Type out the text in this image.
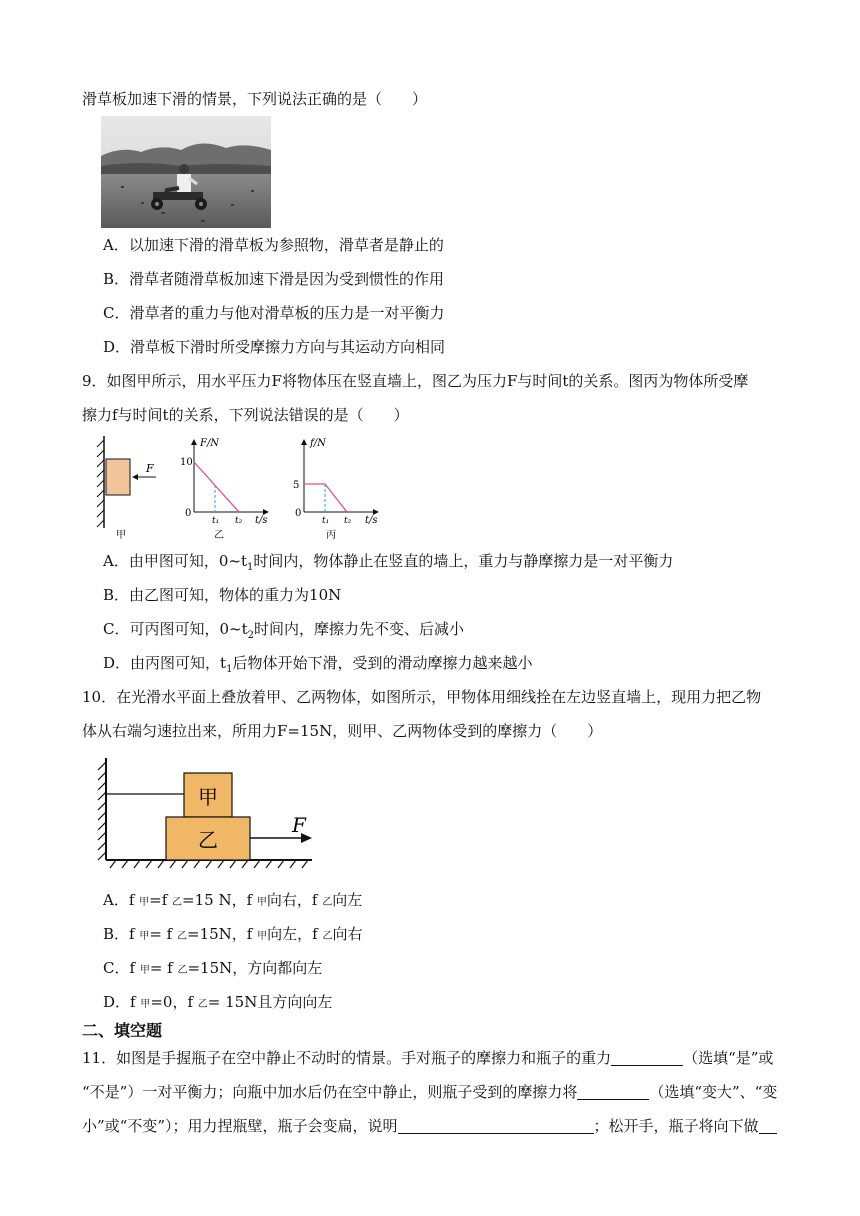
滑草板加速下滑的情景，下列说法正确的是（　　）
A．以加速下滑的滑草板为参照物，滑草者是静止的
B．滑草者随滑草板加速下滑是因为受到惯性的作用
C．滑草者的重力与他对滑草板的压力是一对平衡力
D．滑草板下滑时所受摩擦力方向与其运动方向相同
9．如图甲所示，用水平压力F将物体压在竖直墙上，图乙为压力F与时间t的关系。图丙为物体所受摩
擦力f与时间t的关系，下列说法错误的是（　　）
F
甲
F/N
10
0
t₁ t₂ t/s
乙
f/N
5
0
t₁ t₂ t/s
丙
A．由甲图可知，$0\sim t_1$时间内，物体静止在竖直的墙上，重力与静摩擦力是一对平衡力
B．由乙图可知，物体的重力为10N
C．可丙图可知，$0\sim t_2$时间内，摩擦力先不变、后减小
D．由丙图可知，$t_1$后物体开始下滑，受到的滑动摩擦力越来越小
10．在光滑水平面上叠放着甲、乙两物体，如图所示，甲物体用细线拴在左边竖直墙上，现用力把乙物
体从右端匀速拉出来，所用力F=15N，则甲、乙两物体受到的摩擦力（　　）
甲
乙
F
A．f 甲=f 乙=15 N，f 甲向右，f 乙向左
B．f 甲= f 乙=15N，f 甲向左，f 乙向右
C．f 甲= f 乙=15N，方向都向左
D．f 甲=0，f 乙= 15N且方向向左
二、填空题
11．如图是手握瓶子在空中静止不动时的情景。手对瓶子的摩擦力和瓶子的重力	（选填“是”或
“不是”）一对平衡力；向瓶中加水后仍在空中静止，则瓶子受到的摩擦力将	（选填“变大”、“变
小”或“不变”）；用力捏瓶壁，瓶子会变扁，说明	；松开手，瓶子将向下做
